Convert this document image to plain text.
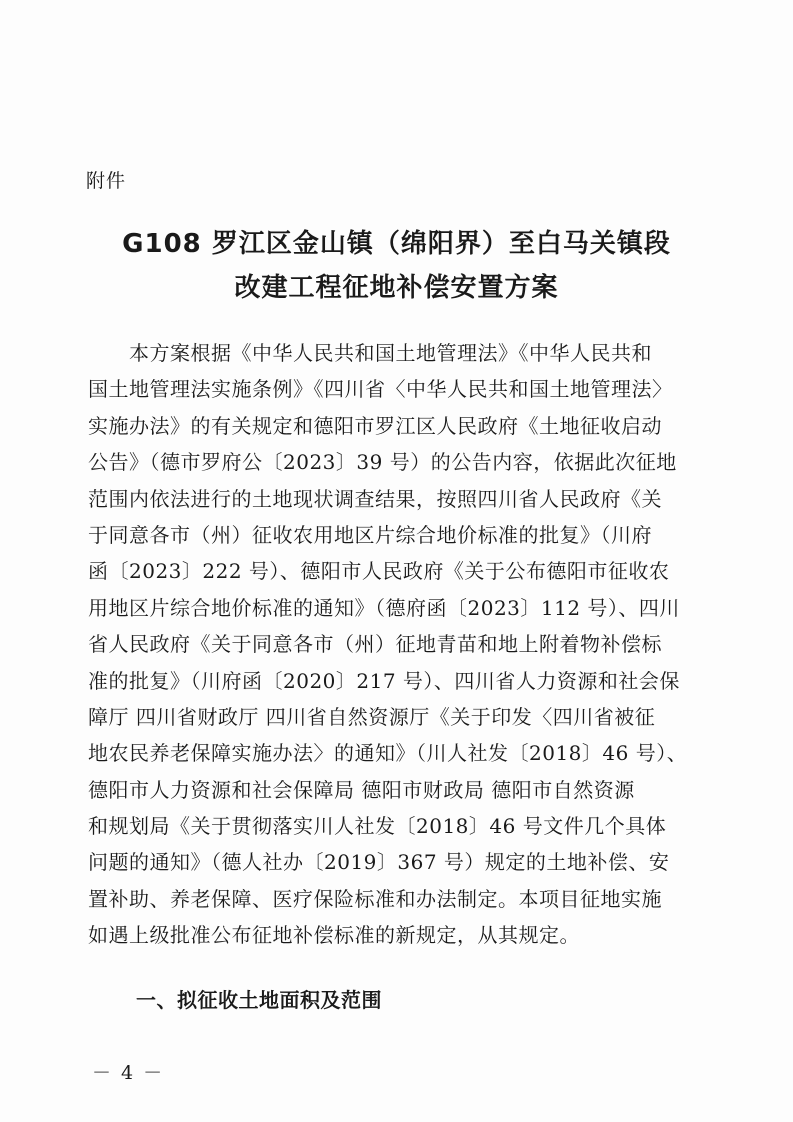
附件
G108 罗江区金山镇（绵阳界）至白马关镇段
改建工程征地补偿安置方案
　　本方案根据《中华人民共和国土地管理法》《中华人民共和
国土地管理法实施条例》《四川省〈中华人民共和国土地管理法〉
实施办法》的有关规定和德阳市罗江区人民政府《土地征收启动
公告》（德市罗府公〔2023〕39 号）的公告内容，依据此次征地
范围内依法进行的土地现状调查结果，按照四川省人民政府《关
于同意各市（州）征收农用地区片综合地价标准的批复》（川府
函〔2023〕222 号）、德阳市人民政府《关于公布德阳市征收农
用地区片综合地价标准的通知》（德府函〔2023〕112 号）、四川
省人民政府《关于同意各市（州）征地青苗和地上附着物补偿标
准的批复》（川府函〔2020〕217 号）、四川省人力资源和社会保
障厅 四川省财政厅 四川省自然资源厅《关于印发〈四川省被征
地农民养老保障实施办法〉的通知》（川人社发〔2018〕46 号）、
德阳市人力资源和社会保障局 德阳市财政局 德阳市自然资源
和规划局《关于贯彻落实川人社发〔2018〕46 号文件几个具体
问题的通知》（德人社办〔2019〕367 号）规定的土地补偿、安
置补助、养老保障、医疗保险标准和办法制定。本项目征地实施
如遇上级批准公布征地补偿标准的新规定，从其规定。
一、拟征收土地面积及范围
－ 4 －
